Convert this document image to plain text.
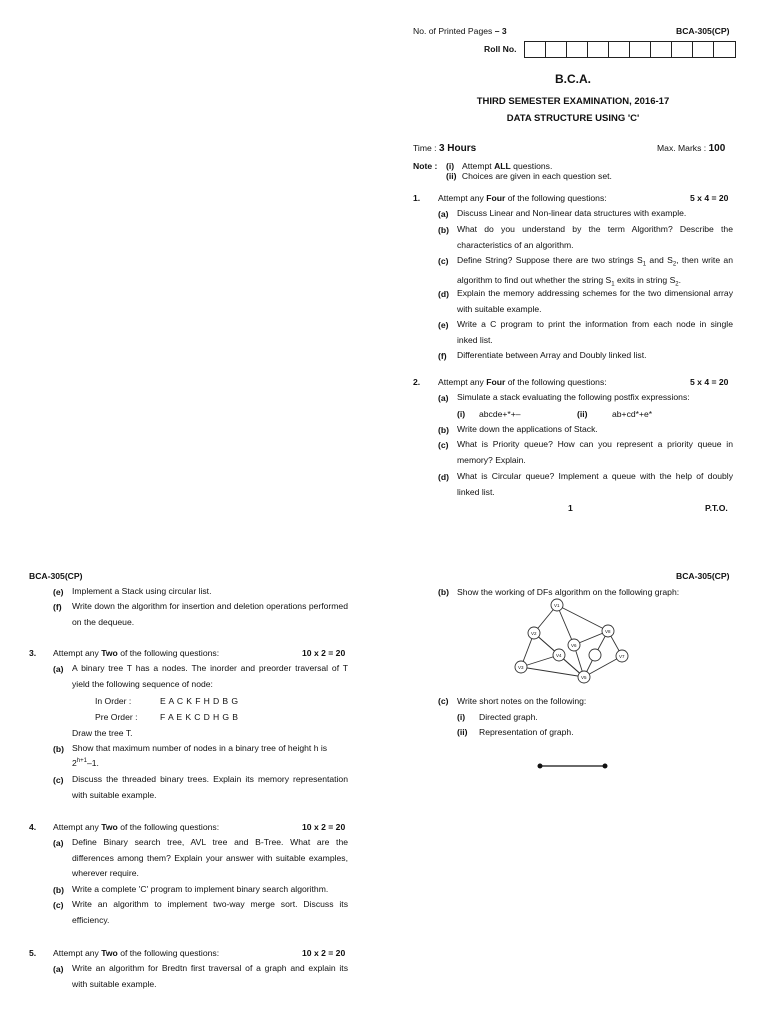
No. of Printed Pages – 3	BCA-305(CP)
Roll No.
B.C.A.
THIRD SEMESTER EXAMINATION, 2016-17
DATA STRUCTURE USING 'C'
Time : 3 Hours	Max. Marks : 100
Note : (i) Attempt ALL questions.
(ii) Choices are given in each question set.
1. Attempt any Four of the following questions:	5 x 4 = 20
(a) Discuss Linear and Non-linear data structures with example.
(b) What do you understand by the term Algorithm? Describe the characteristics of an algorithm.
(c) Define String? Suppose there are two strings $S_1$ and $S_2$, then write an algorithm to find out whether the string $S_1$ exits in string $S_2$.
(d) Explain the memory addressing schemes for the two dimensional array with suitable example.
(e) Write a C program to print the information from each node in single inked list.
(f) Differentiate between Array and Doubly linked list.
2. Attempt any Four of the following questions:	5 x 4 = 20
(a) Simulate a stack evaluating the following postfix expressions:
(i) abcde+*+–	(ii)	ab+cd*+e*
(b) Write down the applications of Stack.
(c) What is Priority queue? How can you represent a priority queue in memory? Explain.
(d) What is Circular queue? Implement a queue with the help of doubly linked list.
1	P.T.O.
BCA-305(CP)
(e) Implement a Stack using circular list.
(f) Write down the algorithm for insertion and deletion operations performed on the dequeue.
3. Attempt any Two of the following questions:	10 x 2 = 20
(a) A binary tree T has a nodes. The inorder and preorder traversal of T yield the following sequence of node:
In Order :	E A C K F H D B G
Pre Order :	F A E K C D H G B
Draw the tree T.
(b) Show that maximum number of nodes in a binary tree of height h is
$2^{h+1}-1$.
(c) Discuss the threaded binary trees. Explain its memory representation with suitable example.
4. Attempt any Two of the following questions:	10 x 2 = 20
(a) Define Binary search tree, AVL tree and B-Tree. What are the differences among them? Explain your answer with suitable examples, wherever require.
(b) Write a complete 'C' program to implement binary search algorithm.
(c) Write an algorithm to implement two-way merge sort. Discuss its efficiency.
5. Attempt any Two of the following questions:	10 x 2 = 20
(a) Write an algorithm for Bredtn first traversal of a graph and explain its with suitable example.
BCA-305(CP)
(b) Show the working of DFs algorithm on the following graph:
V1
V2
V3
V4
V5
V6
V7
V8
(c) Write short notes on the following:
(i) Directed graph.
(ii) Representation of graph.
